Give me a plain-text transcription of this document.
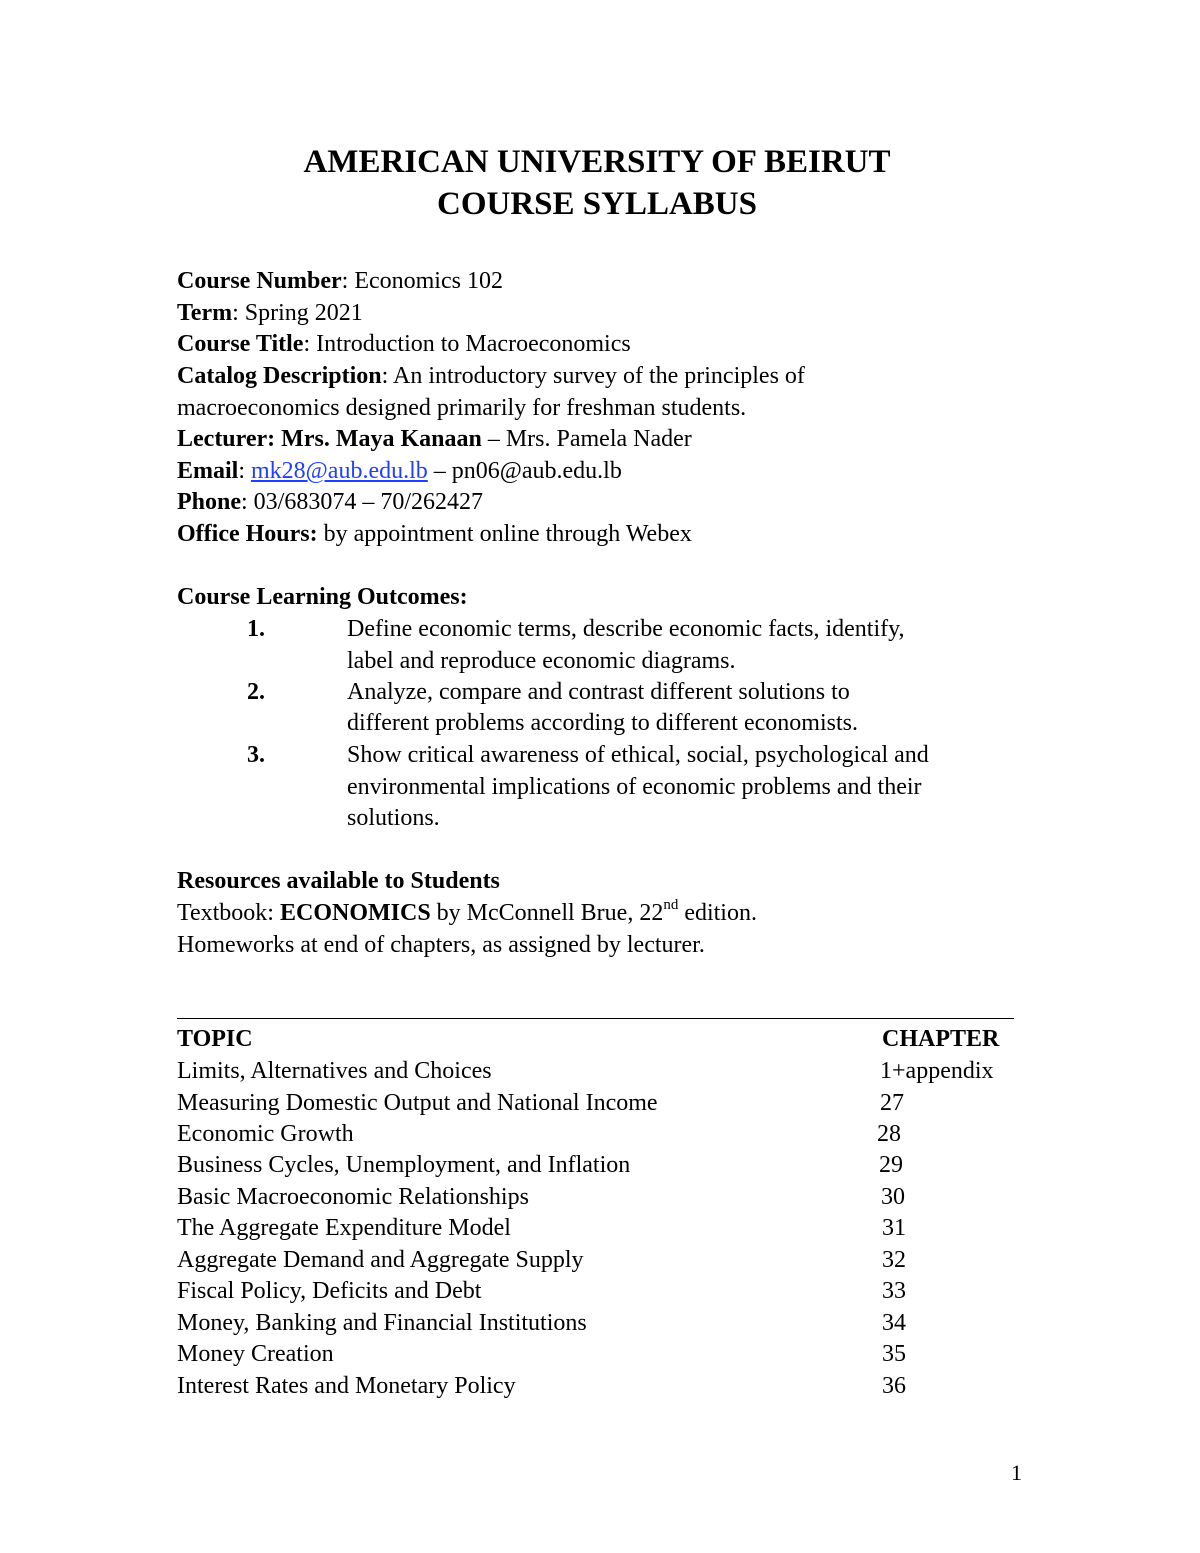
AMERICAN UNIVERSITY OF BEIRUT
COURSE SYLLABUS
Course Number: Economics 102
Term: Spring 2021
Course Title: Introduction to Macroeconomics
Catalog Description: An introductory survey of the principles of
macroeconomics designed primarily for freshman students.
Lecturer: Mrs. Maya Kanaan – Mrs. Pamela Nader
Email: mk28@aub.edu.lb – pn06@aub.edu.lb
Phone: 03/683074 – 70/262427
Office Hours: by appointment online through Webex
Course Learning Outcomes:
1.	Define economic terms, describe economic facts, identify,
label and reproduce economic diagrams.
2.	Analyze, compare and contrast different solutions to
different problems according to different economists.
3.	Show critical awareness of ethical, social, psychological and
environmental implications of economic problems and their
solutions.
Resources available to Students
Textbook: ECONOMICS by McConnell Brue, 22nd edition.
Homeworks at end of chapters, as assigned by lecturer.
TOPIC	CHAPTER
Limits, Alternatives and Choices	1+appendix
Measuring Domestic Output and National Income	27
Economic Growth	28
Business Cycles, Unemployment, and Inflation	29
Basic Macroeconomic Relationships	30
The Aggregate Expenditure Model	31
Aggregate Demand and Aggregate Supply	32
Fiscal Policy, Deficits and Debt	33
Money, Banking and Financial Institutions	34
Money Creation	35
Interest Rates and Monetary Policy	36
1
